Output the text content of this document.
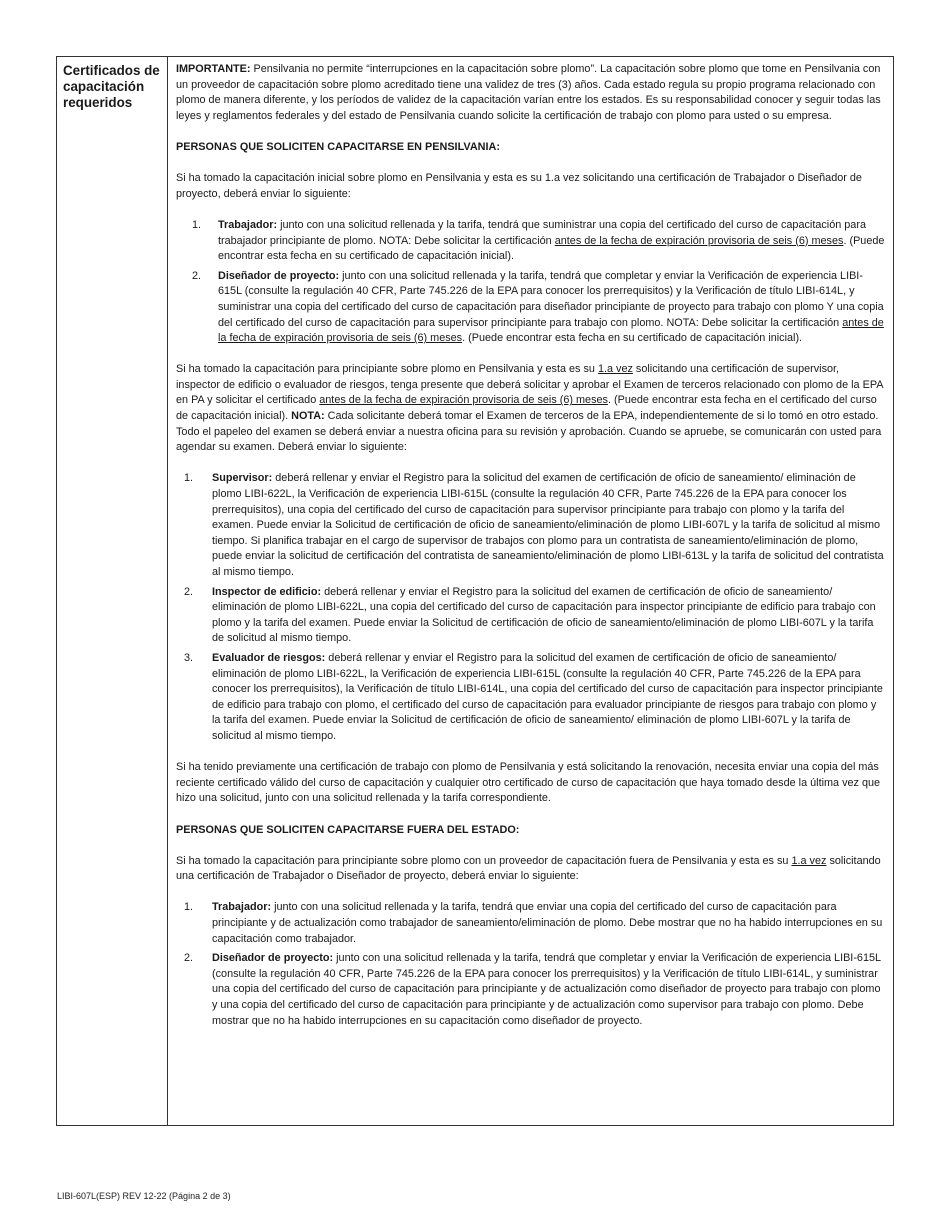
Certificados de capacitación requeridos

IMPORTANTE: Pensilvania no permite “interrupciones en la capacitación sobre plomo”. La capacitación sobre plomo que tome en Pensilvania con un proveedor de capacitación sobre plomo acreditado tiene una validez de tres (3) años. Cada estado regula su propio programa relacionado con plomo de manera diferente, y los períodos de validez de la capacitación varían entre los estados. Es su responsabilidad conocer y seguir todas las leyes y reglamentos federales y del estado de Pensilvania cuando solicite la certificación de trabajo con plomo para usted o su empresa.

PERSONAS QUE SOLICITEN CAPACITARSE EN PENSILVANIA:

Si ha tomado la capacitación inicial sobre plomo en Pensilvania y esta es su 1.a vez solicitando una certificación de Trabajador o Diseñador de proyecto, deberá enviar lo siguiente:

1. Trabajador: junto con una solicitud rellenada y la tarifa, tendrá que suministrar una copia del certificado del curso de capacitación para trabajador principiante de plomo. NOTA: Debe solicitar la certificación antes de la fecha de expiración provisoria de seis (6) meses. (Puede encontrar esta fecha en su certificado de capacitación inicial).
2. Diseñador de proyecto: junto con una solicitud rellenada y la tarifa, tendrá que completar y enviar la Verificación de experiencia LIBI-615L (consulte la regulación 40 CFR, Parte 745.226 de la EPA para conocer los prerrequisitos) y la Verificación de título LIBI-614L, y suministrar una copia del certificado del curso de capacitación para diseñador principiante de proyecto para trabajo con plomo Y una copia del certificado del curso de capacitación para supervisor principiante para trabajo con plomo. NOTA: Debe solicitar la certificación antes de la fecha de expiración provisoria de seis (6) meses. (Puede encontrar esta fecha en su certificado de capacitación inicial).

Si ha tomado la capacitación para principiante sobre plomo en Pensilvania y esta es su 1.a vez solicitando una certificación de supervisor, inspector de edificio o evaluador de riesgos, tenga presente que deberá solicitar y aprobar el Examen de terceros relacionado con plomo de la EPA en PA y solicitar el certificado antes de la fecha de expiración provisoria de seis (6) meses. (Puede encontrar esta fecha en el certificado del curso de capacitación inicial). NOTA: Cada solicitante deberá tomar el Examen de terceros de la EPA, independientemente de si lo tomó en otro estado. Todo el papeleo del examen se deberá enviar a nuestra oficina para su revisión y aprobación. Cuando se apruebe, se comunicarán con usted para agendar su examen. Deberá enviar lo siguiente:

1. Supervisor: deberá rellenar y enviar el Registro para la solicitud del examen de certificación de oficio de saneamiento/ eliminación de plomo LIBI-622L, la Verificación de experiencia LIBI-615L (consulte la regulación 40 CFR, Parte 745.226 de la EPA para conocer los prerrequisitos), una copia del certificado del curso de capacitación para supervisor principiante para trabajo con plomo y la tarifa del examen. Puede enviar la Solicitud de certificación de oficio de saneamiento/eliminación de plomo LIBI-607L y la tarifa de solicitud al mismo tiempo. Si planifica trabajar en el cargo de supervisor de trabajos con plomo para un contratista de saneamiento/eliminación de plomo, puede enviar la solicitud de certificación del contratista de saneamiento/eliminación de plomo LIBI-613L y la tarifa de solicitud del contratista al mismo tiempo.
2. Inspector de edificio: deberá rellenar y enviar el Registro para la solicitud del examen de certificación de oficio de saneamiento/ eliminación de plomo LIBI-622L, una copia del certificado del curso de capacitación para inspector principiante de edificio para trabajo con plomo y la tarifa del examen. Puede enviar la Solicitud de certificación de oficio de saneamiento/eliminación de plomo LIBI-607L y la tarifa de solicitud al mismo tiempo.
3. Evaluador de riesgos: deberá rellenar y enviar el Registro para la solicitud del examen de certificación de oficio de saneamiento/ eliminación de plomo LIBI-622L, la Verificación de experiencia LIBI-615L (consulte la regulación 40 CFR, Parte 745.226 de la EPA para conocer los prerrequisitos), la Verificación de título LIBI-614L, una copia del certificado del curso de capacitación para inspector principiante de edificio para trabajo con plomo, el certificado del curso de capacitación para evaluador principiante de riesgos para trabajo con plomo y la tarifa del examen. Puede enviar la Solicitud de certificación de oficio de saneamiento/ eliminación de plomo LIBI-607L y la tarifa de solicitud al mismo tiempo.

Si ha tenido previamente una certificación de trabajo con plomo de Pensilvania y está solicitando la renovación, necesita enviar una copia del más reciente certificado válido del curso de capacitación y cualquier otro certificado de curso de capacitación que haya tomado desde la última vez que hizo una solicitud, junto con una solicitud rellenada y la tarifa correspondiente.

PERSONAS QUE SOLICITEN CAPACITARSE FUERA DEL ESTADO:

Si ha tomado la capacitación para principiante sobre plomo con un proveedor de capacitación fuera de Pensilvania y esta es su 1.a vez solicitando una certificación de Trabajador o Diseñador de proyecto, deberá enviar lo siguiente:

1. Trabajador: junto con una solicitud rellenada y la tarifa, tendrá que enviar una copia del certificado del curso de capacitación para principiante y de actualización como trabajador de saneamiento/eliminación de plomo. Debe mostrar que no ha habido interrupciones en su capacitación como trabajador.
2. Diseñador de proyecto: junto con una solicitud rellenada y la tarifa, tendrá que completar y enviar la Verificación de experiencia LIBI-615L (consulte la regulación 40 CFR, Parte 745.226 de la EPA para conocer los prerrequisitos) y la Verificación de título LIBI-614L, y suministrar una copia del certificado del curso de capacitación para principiante y de actualización como diseñador de proyecto para trabajo con plomo y una copia del certificado del curso de capacitación para principiante y de actualización como supervisor para trabajo con plomo. Debe mostrar que no ha habido interrupciones en su capacitación como diseñador de proyecto.
LIBI-607L(ESP) REV 12-22 (Página 2 de 3)
